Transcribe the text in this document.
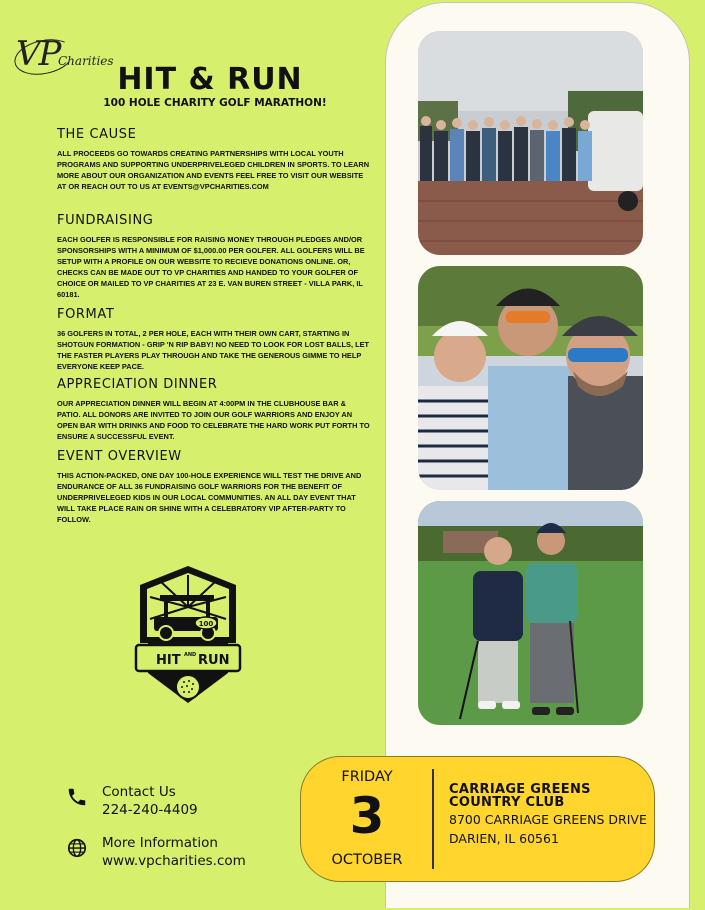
VP
Charities
HIT & RUN
100 HOLE CHARITY GOLF MARATHON!
THE CAUSE

ALL PROCEEDS GO TOWARDS CREATING PARTNERSHIPS WITH LOCAL YOUTH PROGRAMS AND SUPPORTING UNDERPRIVELEGED CHILDREN IN SPORTS. TO LEARN MORE ABOUT OUR ORGANIZATION AND EVENTS FEEL FREE TO VISIT OUR WEBSITE AT OR REACH OUT TO US AT EVENTS@VPCHARITIES.COM

FUNDRAISING

EACH GOLFER IS RESPONSIBLE FOR RAISING MONEY THROUGH PLEDGES AND/OR SPONSORSHIPS WITH A MINIMUM OF $1,000.00 PER GOLFER. ALL GOLFERS WILL BE SETUP WITH A PROFILE ON OUR WEBSITE TO RECIEVE DONATIONS ONLINE. OR, CHECKS CAN BE MADE OUT TO VP CHARITIES AND HANDED TO YOUR GOLFER OF CHOICE OR MAILED TO VP CHARITIES AT 23 E. VAN BUREN STREET - VILLA PARK, IL 60181.

FORMAT

36 GOLFERS IN TOTAL, 2 PER HOLE, EACH WITH THEIR OWN CART, STARTING IN SHOTGUN FORMATION - GRIP 'N RIP BABY! NO NEED TO LOOK FOR LOST BALLS, LET THE FASTER PLAYERS PLAY THROUGH AND TAKE THE GENEROUS GIMME TO HELP EVERYONE KEEP PACE.

APPRECIATION DINNER

OUR APPRECIATION DINNER WILL BEGIN AT 4:00PM IN THE CLUBHOUSE BAR & PATIO. ALL DONORS ARE INVITED TO JOIN OUR GOLF WARRIORS AND ENJOY AN OPEN BAR WITH DRINKS AND FOOD TO CELEBRATE THE HARD WORK PUT FORTH TO ENSURE A SUCCESSFUL EVENT.

EVENT OVERVIEW

THIS ACTION-PACKED, ONE DAY 100-HOLE EXPERIENCE WILL TEST THE DRIVE AND ENDURANCE OF ALL 36 FUNDRAISING GOLF WARRIORS FOR THE BENEFIT OF UNDERPRIVELEGED KIDS IN OUR LOCAL COMMUNITIES. AN ALL DAY EVENT THAT WILL TAKE PLACE RAIN OR SHINE WITH A CELEBRATORY VIP AFTER-PARTY TO FOLLOW.

100
HIT AND RUN
Contact Us
224-240-4409
More Information
www.vpcharities.com
FRIDAY
3
OCTOBER
CARRIAGE GREENS
COUNTRY CLUB
8700 CARRIAGE GREENS DRIVE
DARIEN, IL 60561
